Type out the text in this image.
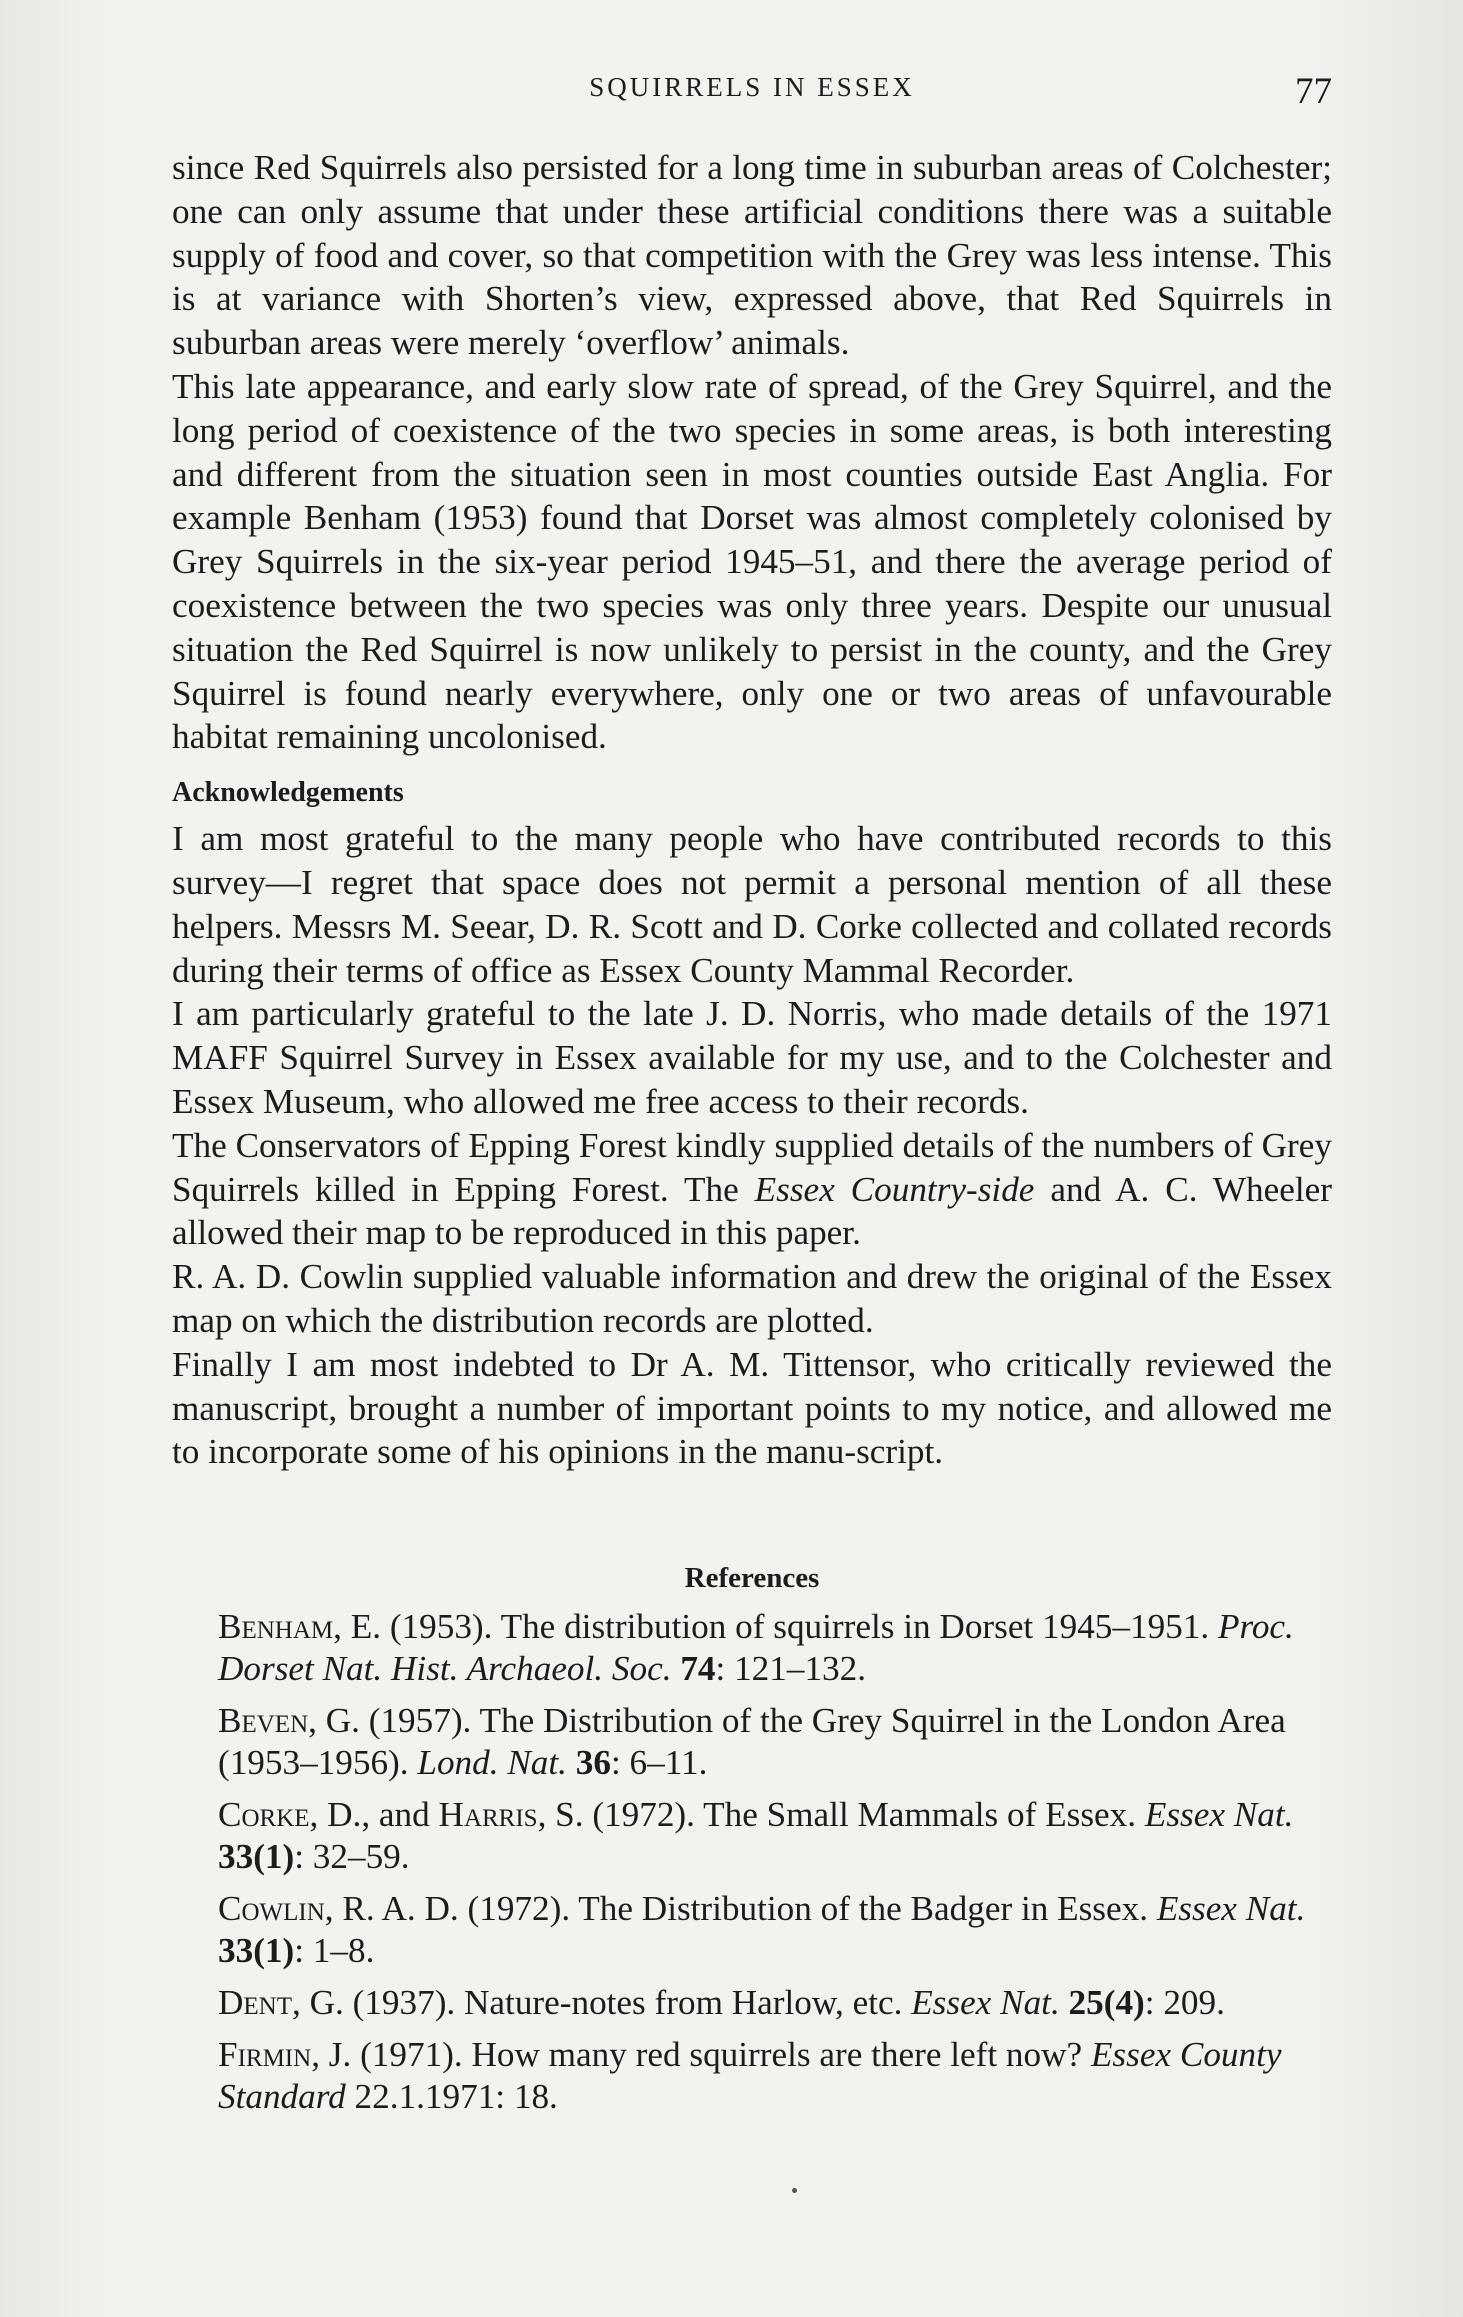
SQUIRRELS IN ESSEX	77

since Red Squirrels also persisted for a long time in suburban areas of Colchester; one can only assume that under these artificial conditions there was a suitable supply of food and cover, so that competition with the Grey was less intense. This is at variance with Shorten’s view, expressed above, that Red Squirrels in suburban areas were merely ‘overflow’ animals.

This late appearance, and early slow rate of spread, of the Grey Squirrel, and the long period of coexistence of the two species in some areas, is both interesting and different from the situation seen in most counties outside East Anglia. For example Benham (1953) found that Dorset was almost completely colonised by Grey Squirrels in the six-year period 1945–51, and there the average period of coexistence between the two species was only three years. Despite our unusual situation the Red Squirrel is now unlikely to persist in the county, and the Grey Squirrel is found nearly everywhere, only one or two areas of unfavourable habitat remaining uncolonised.

Acknowledgements

I am most grateful to the many people who have contributed records to this survey—I regret that space does not permit a personal mention of all these helpers. Messrs M. Seear, D. R. Scott and D. Corke collected and collated records during their terms of office as Essex County Mammal Recorder.

I am particularly grateful to the late J. D. Norris, who made details of the 1971 MAFF Squirrel Survey in Essex available for my use, and to the Colchester and Essex Museum, who allowed me free access to their records.

The Conservators of Epping Forest kindly supplied details of the numbers of Grey Squirrels killed in Epping Forest. The Essex Country-side and A. C. Wheeler allowed their map to be reproduced in this paper.

R. A. D. Cowlin supplied valuable information and drew the original of the Essex map on which the distribution records are plotted.

Finally I am most indebted to Dr A. M. Tittensor, who critically reviewed the manuscript, brought a number of important points to my notice, and allowed me to incorporate some of his opinions in the manu-script.

References

Benham, E. (1953). The distribution of squirrels in Dorset 1945–1951. Proc. Dorset Nat. Hist. Archaeol. Soc. 74: 121–132.

Beven, G. (1957). The Distribution of the Grey Squirrel in the London Area (1953–1956). Lond. Nat. 36: 6–11.

Corke, D., and Harris, S. (1972). The Small Mammals of Essex. Essex Nat. 33(1): 32–59.

Cowlin, R. A. D. (1972). The Distribution of the Badger in Essex. Essex Nat. 33(1): 1–8.

Dent, G. (1937). Nature-notes from Harlow, etc. Essex Nat. 25(4): 209.

Firmin, J. (1971). How many red squirrels are there left now? Essex County Standard 22.1.1971: 18.
